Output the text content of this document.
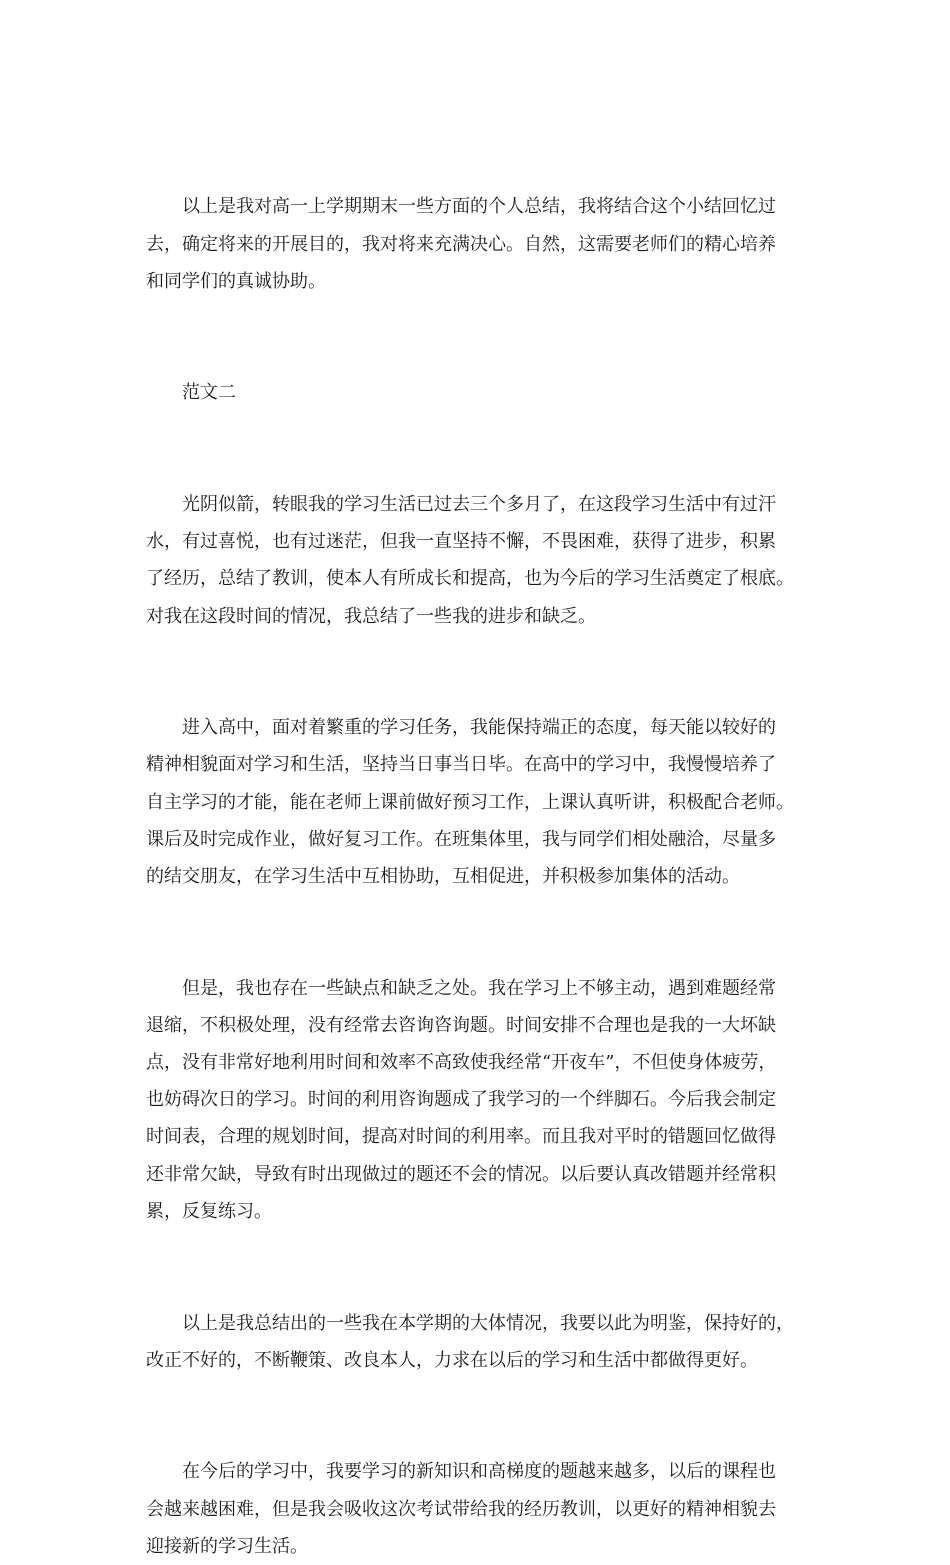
以上是我对高一上学期期末一些方面的个人总结，我将结合这个小结回忆过
去，确定将来的开展目的，我对将来充满决心。自然，这需要老师们的精心培养
和同学们的真诚协助。

范文二

光阴似箭，转眼我的学习生活已过去三个多月了，在这段学习生活中有过汗
水，有过喜悦，也有过迷茫，但我一直坚持不懈，不畏困难，获得了进步，积累
了经历，总结了教训，使本人有所成长和提高，也为今后的学习生活奠定了根底。
对我在这段时间的情况，我总结了一些我的进步和缺乏。

进入高中，面对着繁重的学习任务，我能保持端正的态度，每天能以较好的
精神相貌面对学习和生活，坚持当日事当日毕。在高中的学习中，我慢慢培养了
自主学习的才能，能在老师上课前做好预习工作，上课认真听讲，积极配合老师。
课后及时完成作业，做好复习工作。在班集体里，我与同学们相处融洽，尽量多
的结交朋友，在学习生活中互相协助，互相促进，并积极参加集体的活动。

但是，我也存在一些缺点和缺乏之处。我在学习上不够主动，遇到难题经常
退缩，不积极处理，没有经常去咨询咨询题。时间安排不合理也是我的一大坏缺
点，没有非常好地利用时间和效率不高致使我经常“开夜车”，不但使身体疲劳，
也妨碍次日的学习。时间的利用咨询题成了我学习的一个绊脚石。今后我会制定
时间表，合理的规划时间，提高对时间的利用率。而且我对平时的错题回忆做得
还非常欠缺，导致有时出现做过的题还不会的情况。以后要认真改错题并经常积
累，反复练习。

以上是我总结出的一些我在本学期的大体情况，我要以此为明鉴，保持好的，
改正不好的，不断鞭策、改良本人，力求在以后的学习和生活中都做得更好。

在今后的学习中，我要学习的新知识和高梯度的题越来越多，以后的课程也
会越来越困难，但是我会吸收这次考试带给我的经历教训，以更好的精神相貌去
迎接新的学习生活。
